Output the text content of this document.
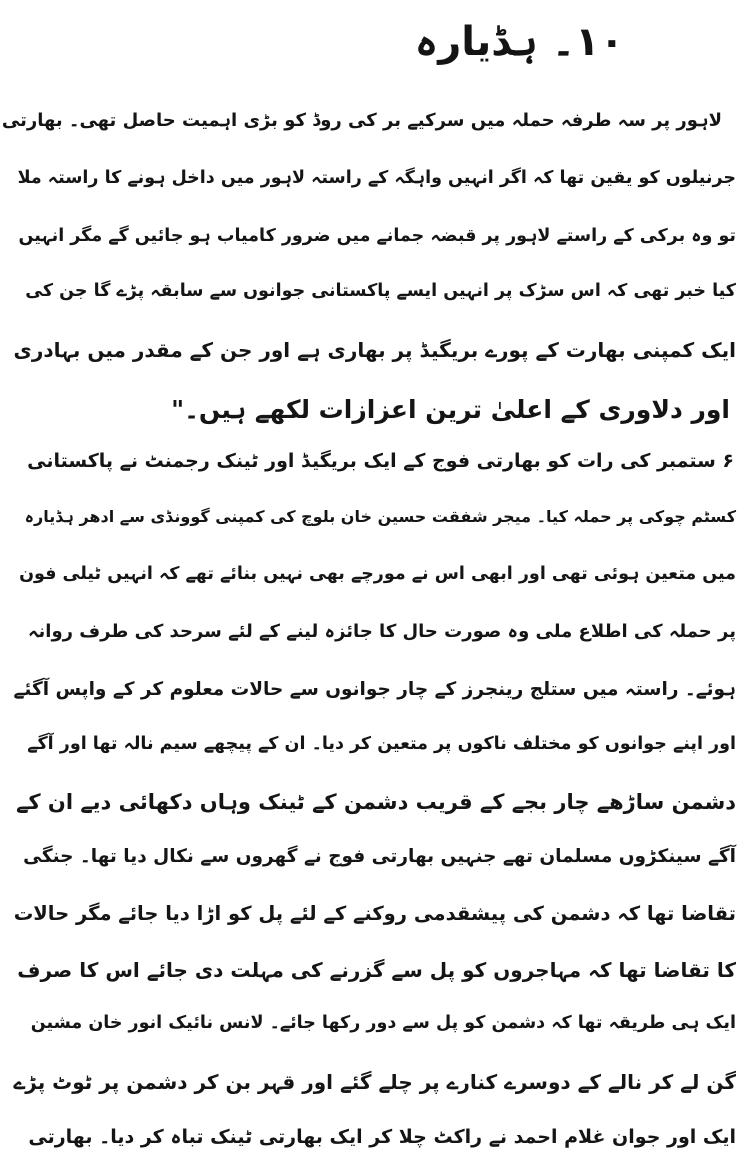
۱۰۔ ہڈیارہ
لاہور پر سہ طرفہ حملہ میں سرکیے بر کی روڈ کو بڑی اہمیت حاصل تھی۔ بھارتی
جرنیلوں کو یقین تھا کہ اگر انہیں واہگہ کے راستہ لاہور میں داخل ہونے کا راستہ ملا
تو وہ برکی کے راستے لاہور پر قبضہ جمانے میں ضرور کامیاب ہو جائیں گے مگر انہیں
کیا خبر تھی کہ اس سڑک پر انہیں ایسے پاکستانی جوانوں سے سابقہ پڑے گا جن کی
ایک کمپنی بھارت کے پورے بریگیڈ پر بھاری ہے اور جن کے مقدر میں بہادری
اور دلاوری کے اعلیٰ ترین اعزازات لکھے ہیں۔"
۶ ستمبر کی رات کو بھارتی فوج کے ایک بریگیڈ اور ٹینک رجمنٹ نے پاکستانی
کسٹم چوکی پر حملہ کیا۔ میجر شفقت حسین خان بلوچ کی کمپنی گوونڈی سے ادھر ہڈیارہ
میں متعین ہوئی تھی اور ابھی اس نے مورچے بھی نہیں بنائے تھے کہ انہیں ٹیلی فون
پر حملہ کی اطلاع ملی وہ صورت حال کا جائزہ لینے کے لئے سرحد کی طرف روانہ
ہوئے۔ راستہ میں ستلج رینجرز کے چار جوانوں سے حالات معلوم کر کے واپس آگئے
اور اپنے جوانوں کو مختلف ناکوں پر متعین کر دیا۔ ان کے پیچھے سیم نالہ تھا اور آگے
دشمن ساڑھے چار بجے کے قریب دشمن کے ٹینک وہاں دکھائی دیے ان کے
آگے سینکڑوں مسلمان تھے جنہیں بھارتی فوج نے گھروں سے نکال دیا تھا۔ جنگی
تقاضا تھا کہ دشمن کی پیشقدمی روکنے کے لئے پل کو اڑا دیا جائے مگر حالات
کا تقاضا تھا کہ مہاجروں کو پل سے گزرنے کی مہلت دی جائے اس کا صرف
ایک ہی طریقہ تھا کہ دشمن کو پل سے دور رکھا جائے۔ لانس نائیک انور خان مشین
گن لے کر نالے کے دوسرے کنارے پر چلے گئے اور قہر بن کر دشمن پر ٹوٹ پڑے
ایک اور جوان غلام احمد نے راکٹ چلا کر ایک بھارتی ٹینک تباہ کر دیا۔ بھارتی
